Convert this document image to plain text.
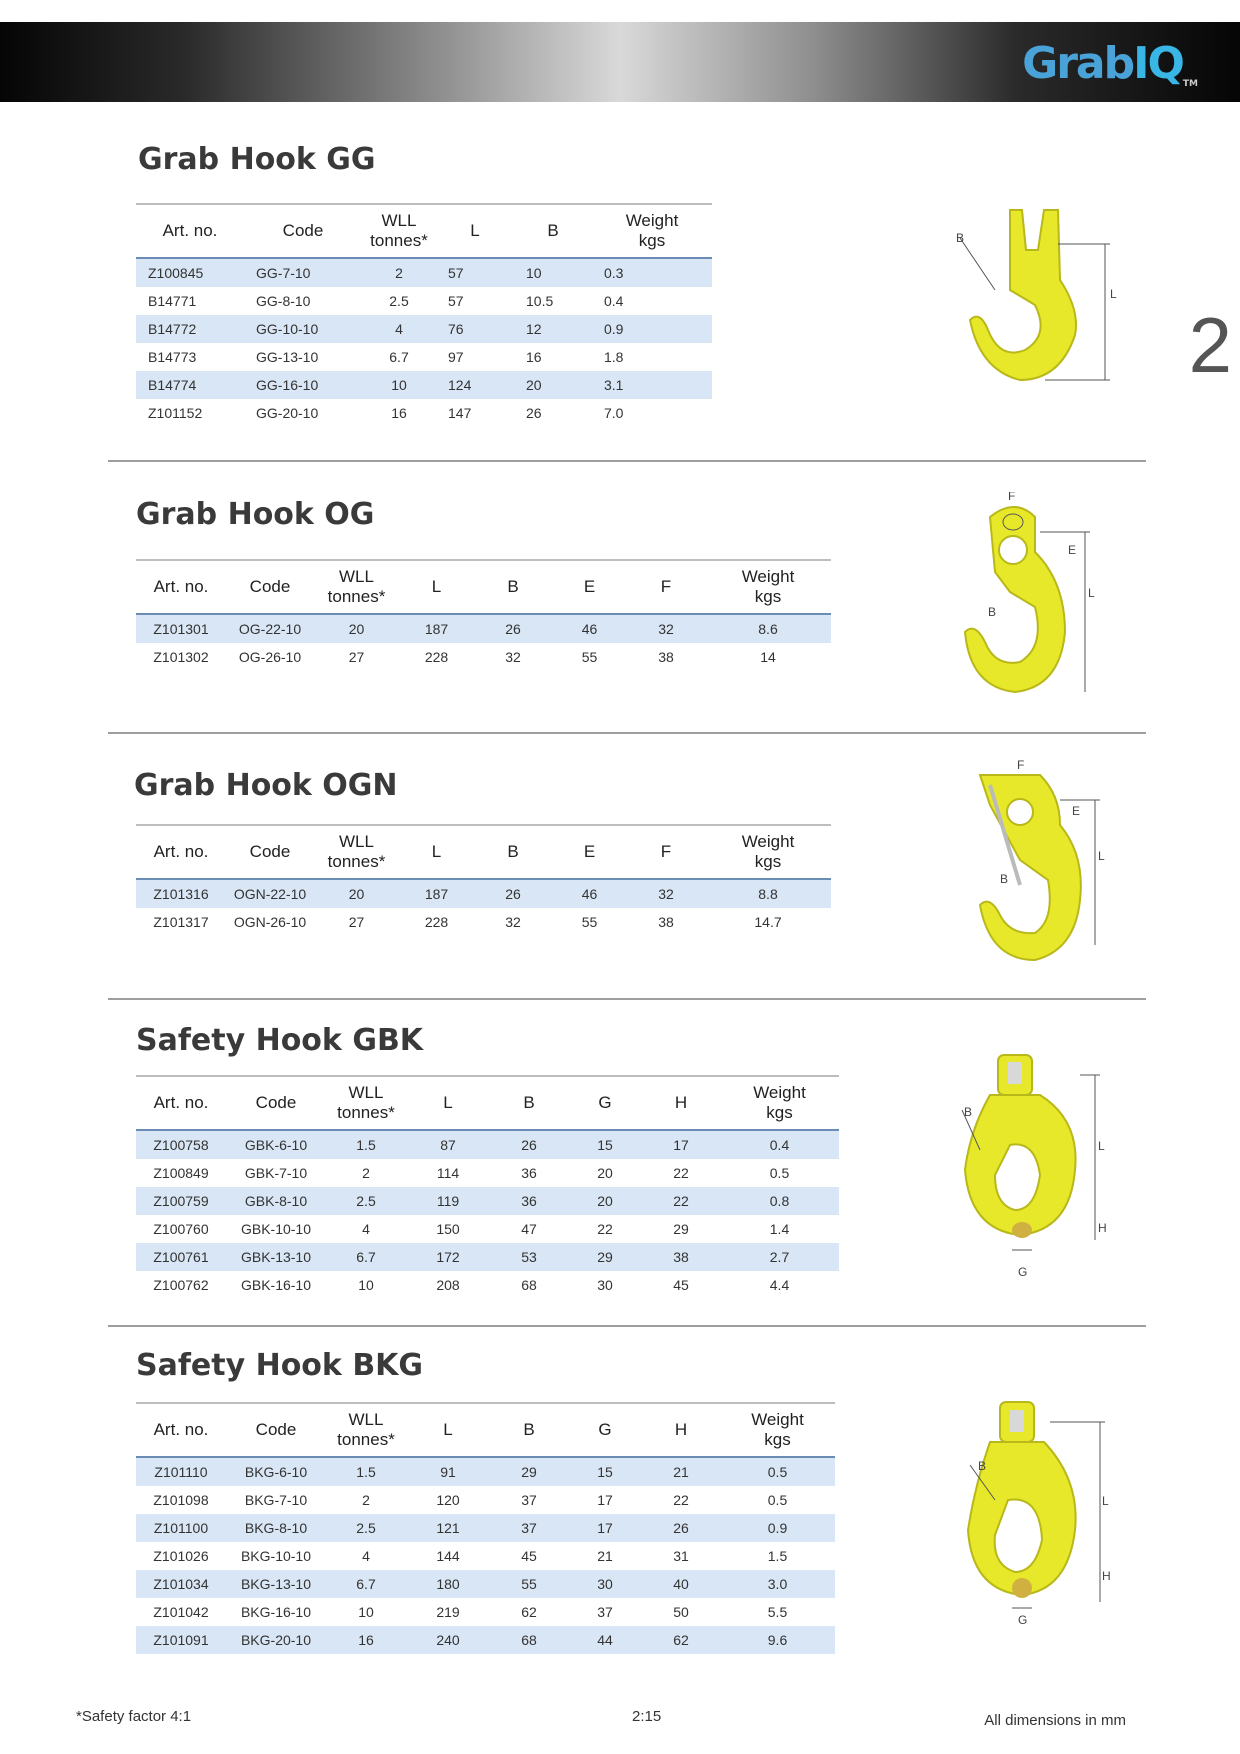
GrabIQTM
2
Grab Hook GG
Art. no.	Code	WLL
tonnes*	L	B	Weight
kgs
Z100845	GG-7-10	2	57	10	0.3
B14771	GG-8-10	2.5	57	10.5	0.4
B14772	GG-10-10	4	76	12	0.9
B14773	GG-13-10	6.7	97	16	1.8
B14774	GG-16-10	10	124	20	3.1
Z101152	GG-20-10	16	147	26	7.0
B
L
Grab Hook OG
Art. no.	Code	WLL
tonnes*	L	B	E	F	Weight
kgs
Z101301	OG-22-10	20	187	26	46	32	8.6
Z101302	OG-26-10	27	228	32	55	38	14
F
E
L
B
Grab Hook OGN
Art. no.	Code	WLL
tonnes*	L	B	E	F	Weight
kgs
Z101316	OGN-22-10	20	187	26	46	32	8.8
Z101317	OGN-26-10	27	228	32	55	38	14.7
F
E
L
B
Safety Hook GBK
Art. no.	Code	WLL
tonnes*	L	B	G	H	Weight
kgs
Z100758	GBK-6-10	1.5	87	26	15	17	0.4
Z100849	GBK-7-10	2	114	36	20	22	0.5
Z100759	GBK-8-10	2.5	119	36	20	22	0.8
Z100760	GBK-10-10	4	150	47	22	29	1.4
Z100761	GBK-13-10	6.7	172	53	29	38	2.7
Z100762	GBK-16-10	10	208	68	30	45	4.4
B
L
H
G
Safety Hook BKG
Art. no.	Code	WLL
tonnes*	L	B	G	H	Weight
kgs
Z101110	BKG-6-10	1.5	91	29	15	21	0.5
Z101098	BKG-7-10	2	120	37	17	22	0.5
Z101100	BKG-8-10	2.5	121	37	17	26	0.9
Z101026	BKG-10-10	4	144	45	21	31	1.5
Z101034	BKG-13-10	6.7	180	55	30	40	3.0
Z101042	BKG-16-10	10	219	62	37	50	5.5
Z101091	BKG-20-10	16	240	68	44	62	9.6
B
L
H
G
*Safety factor 4:1	2:15	All dimensions in mm
